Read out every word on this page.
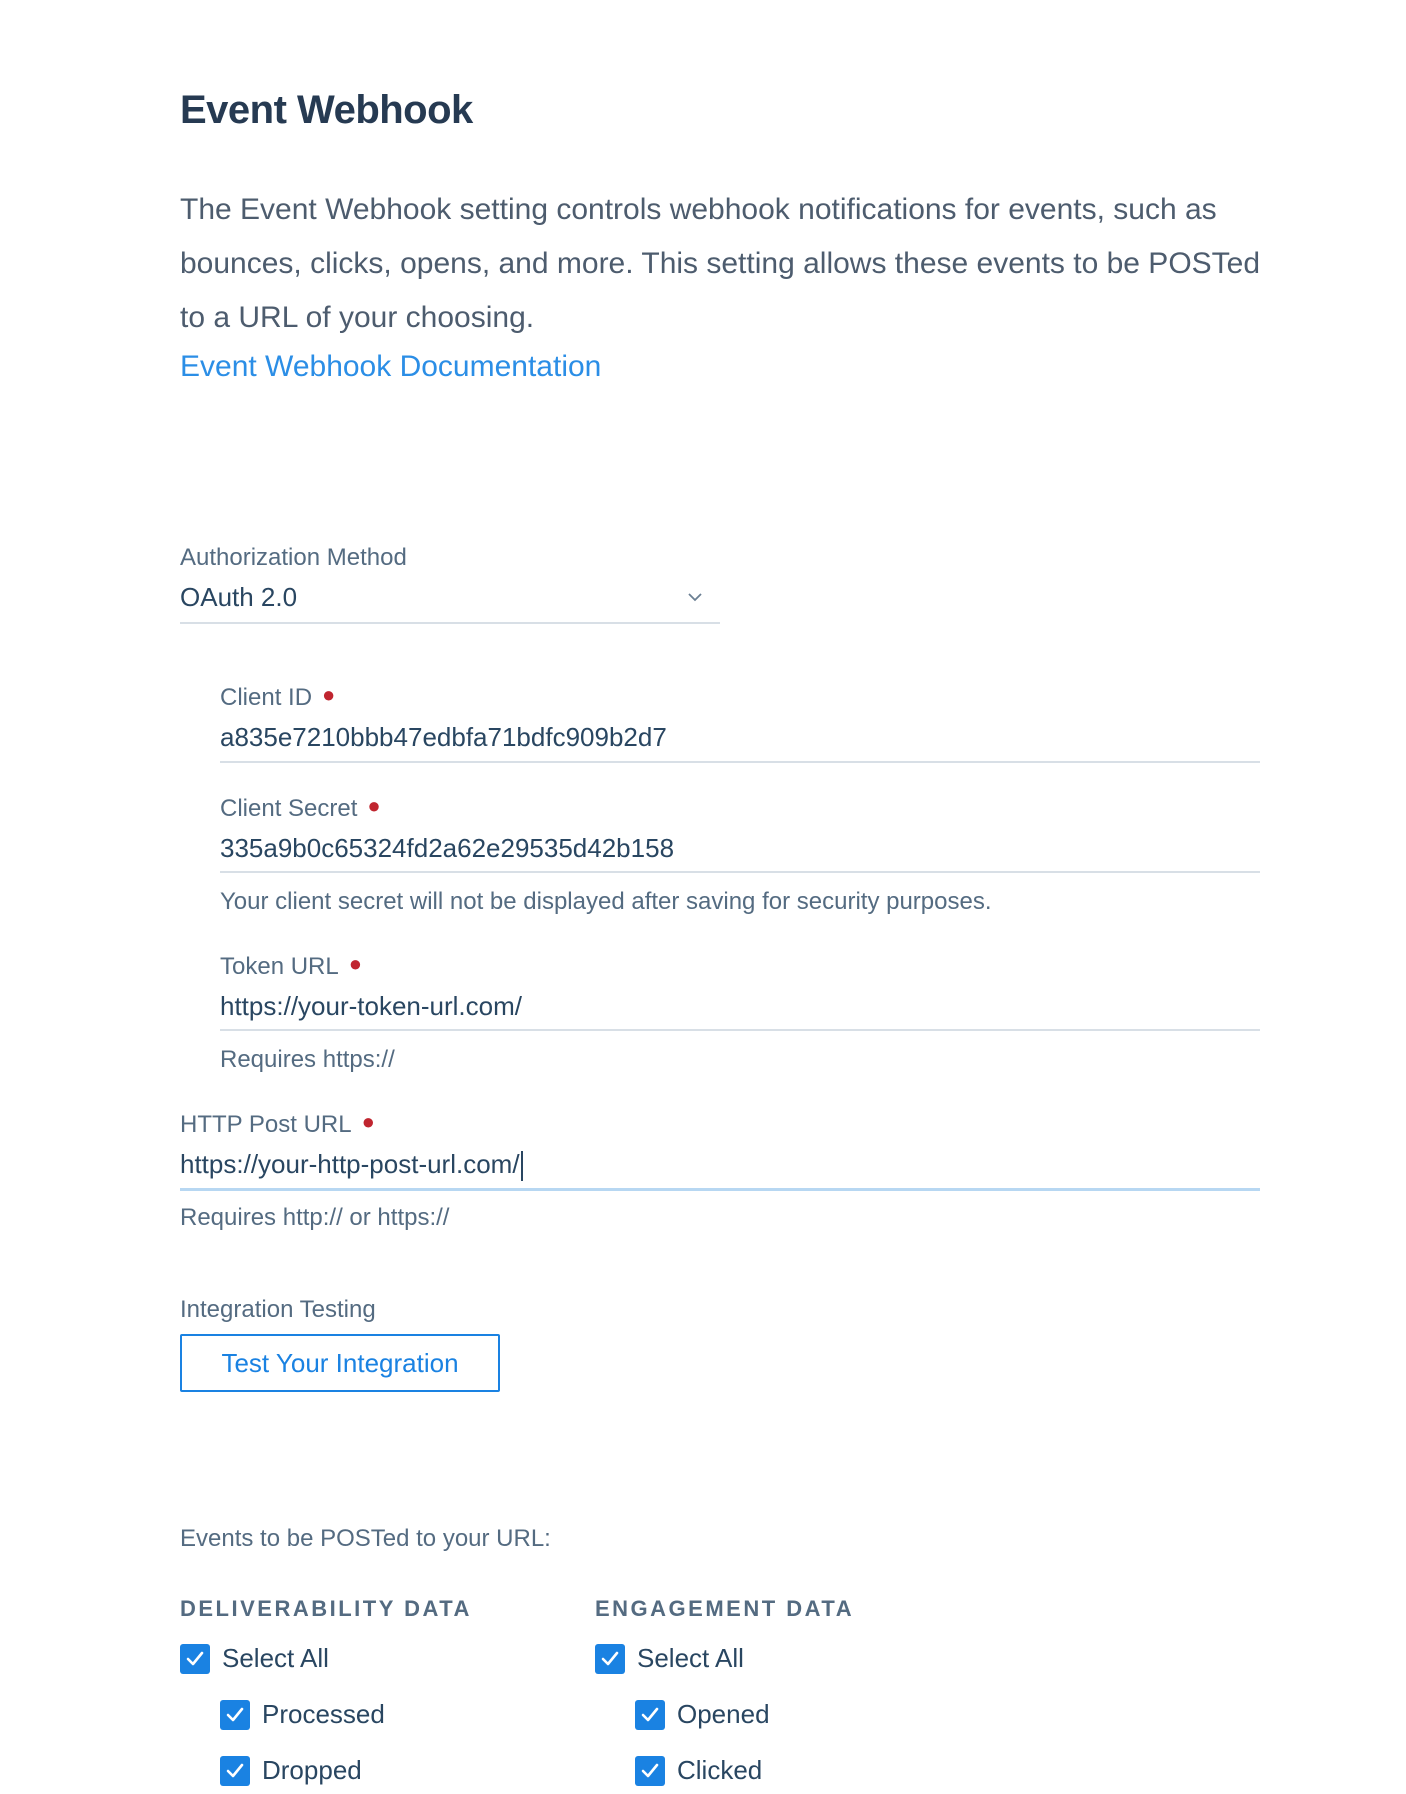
Event Webhook
The Event Webhook setting controls webhook notifications for events, such as bounces, clicks, opens, and more. This setting allows these events to be POSTed to a URL of your choosing.
Event Webhook Documentation
Authorization Method
OAuth 2.0
Client ID ●
a835e7210bbb47edbfa71bdfc909b2d7
Client Secret ●
335a9b0c65324fd2a62e29535d42b158
Your client secret will not be displayed after saving for security purposes.
Token URL ●
https://your-token-url.com/
Requires https://
HTTP Post URL ●
https://your-http-post-url.com/
Requires http:// or https://
Integration Testing
Test Your Integration
Events to be POSTed to your URL:
DELIVERABILITY DATA	ENGAGEMENT DATA
Select All
Processed
Dropped
Select All
Opened
Clicked
